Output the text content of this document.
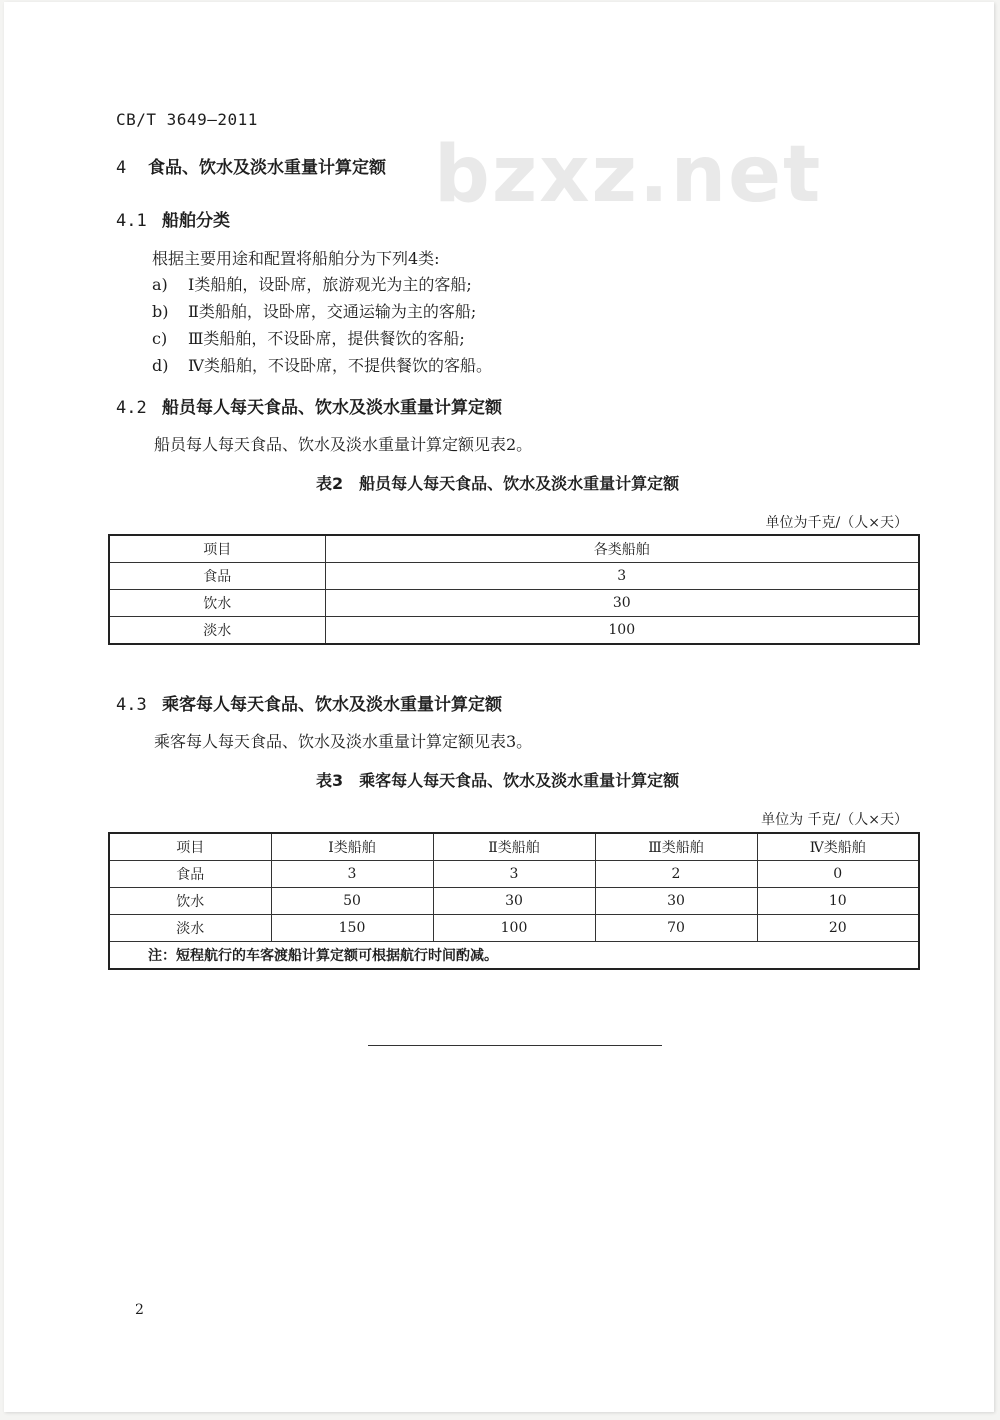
bzxz.net
CB/T 3649—2011
4 食品、饮水及淡水重量计算定额
4.1 船舶分类
根据主要用途和配置将船舶分为下列4类:
a) Ⅰ类船舶，设卧席，旅游观光为主的客船;
b) Ⅱ类船舶，设卧席，交通运输为主的客船;
c) Ⅲ类船舶，不设卧席，提供餐饮的客船;
d) Ⅳ类船舶，不设卧席，不提供餐饮的客船。
4.2 船员每人每天食品、饮水及淡水重量计算定额
船员每人每天食品、饮水及淡水重量计算定额见表2。
表2　船员每人每天食品、饮水及淡水重量计算定额
单位为千克/（人×天）
项目	各类船舶
食品	3
饮水	30
淡水	100
4.3 乘客每人每天食品、饮水及淡水重量计算定额
乘客每人每天食品、饮水及淡水重量计算定额见表3。
表3　乘客每人每天食品、饮水及淡水重量计算定额
单位为 千克/（人×天）
项目	Ⅰ类船舶	Ⅱ类船舶	Ⅲ类船舶	Ⅳ类船舶
食品	3	3	2	0
饮水	50	30	30	10
淡水	150	100	70	20
注：短程航行的车客渡船计算定额可根据航行时间酌减。				
2
